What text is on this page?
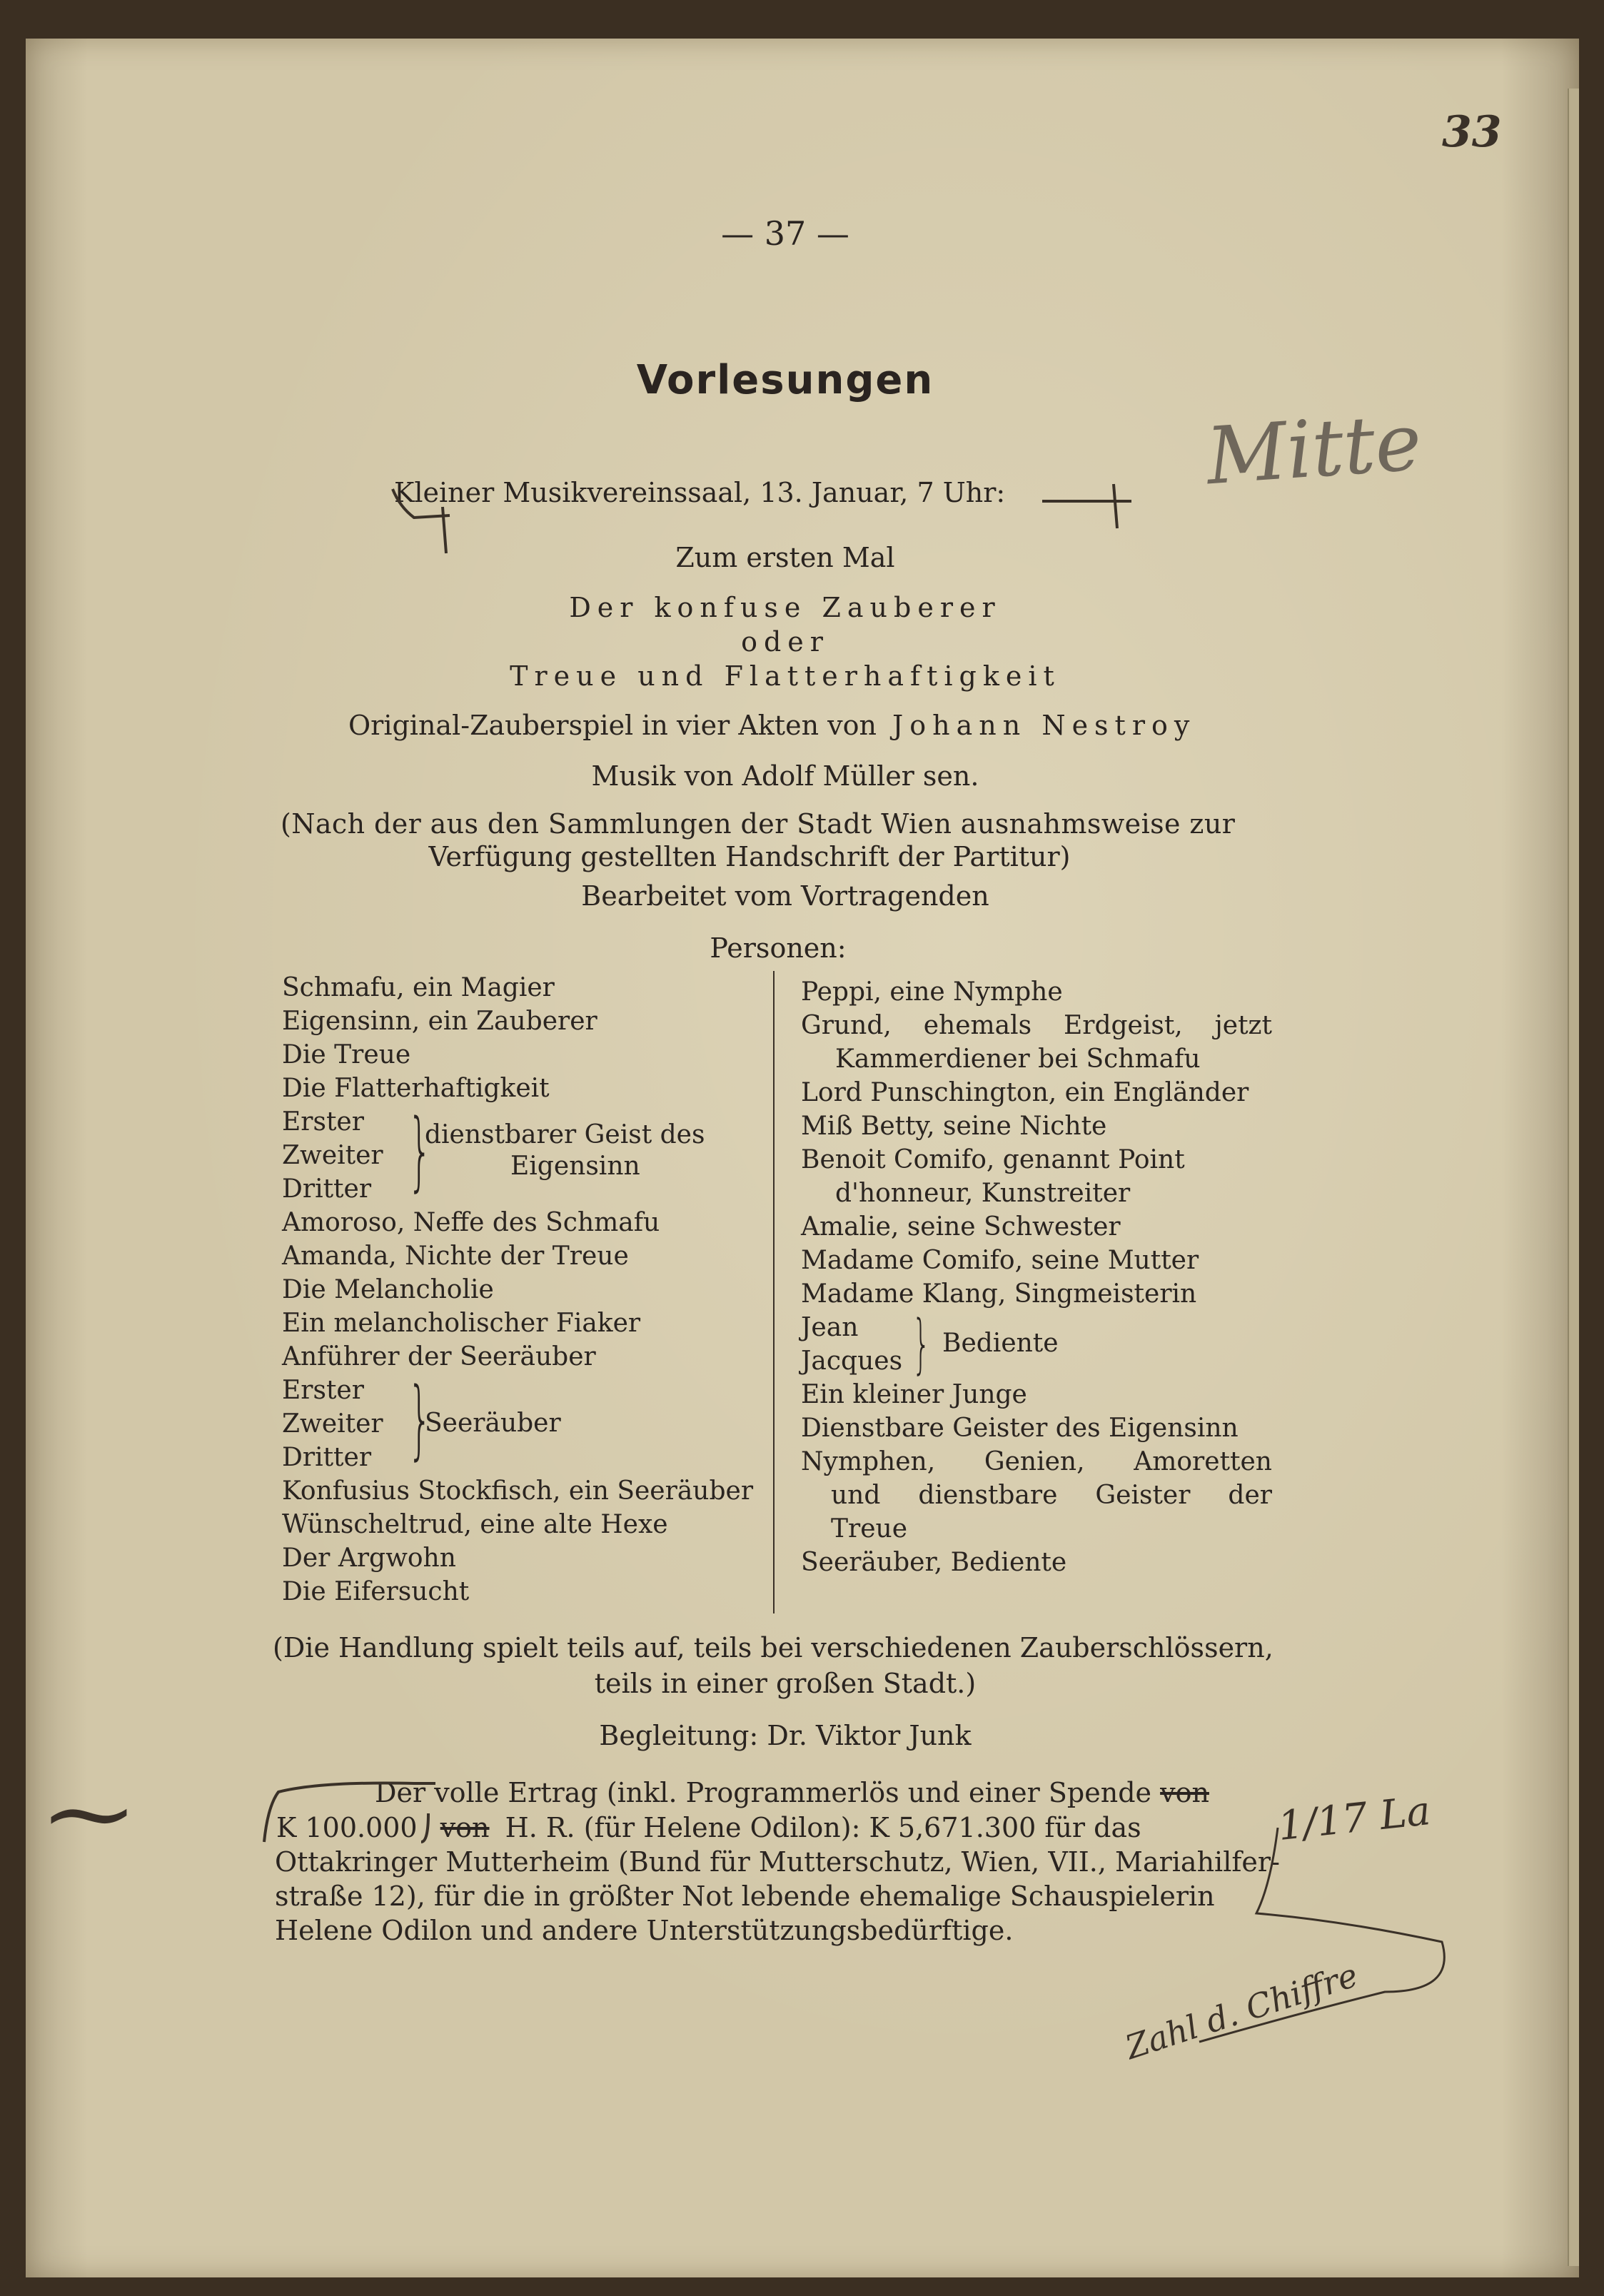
33
— 37 —
Vorlesungen
Kleiner Musikvereinssaal, 13. Januar, 7 Uhr:	Mitte
Zum ersten Mal
Der konfuse Zauberer
oder
Treue und Flatterhaftigkeit
Original-Zauberspiel in vier Akten von Johann Nestroy
Musik von Adolf Müller sen.
(Nach der aus den Sammlungen der Stadt Wien ausnahmsweise zur
Verfügung gestellten Handschrift der Partitur)
Bearbeitet vom Vortragenden
Personen:
Schmafu, ein Magier
Eigensinn, ein Zauberer
Die Treue
Die Flatterhaftigkeit
Erster
Zweiter
Dritter }
dienstbarer Geist des
Eigensinn
Amoroso, Neffe des Schmafu
Amanda, Nichte der Treue
Die Melancholie
Ein melancholischer Fiaker
Anführer der Seeräuber
Erster
Zweiter
Dritter }
Seeräuber
Konfusius Stockfisch, ein Seeräuber
Wünscheltrud, eine alte Hexe
Der Argwohn
Die Eifersucht
Peppi, eine Nymphe
Grund, ehemals Erdgeist, jetzt
Kammerdiener bei Schmafu
Lord Punschington, ein Engländer
Miß Betty, seine Nichte
Benoit Comifo, genannt Point
d'honneur, Kunstreiter
Amalie, seine Schwester
Madame Comifo, seine Mutter
Madame Klang, Singmeisterin
Jean
Jacques } Bediente
Ein kleiner Junge
Dienstbare Geister des Eigensinn
Nymphen, Genien, Amoretten
und dienstbare Geister der
Treue
Seeräuber, Bediente
(Die Handlung spielt teils auf, teils bei verschiedenen Zauberschlössern,
teils in einer großen Stadt.)
Begleitung: Dr. Viktor Junk
Der volle Ertrag (inkl. Programmerlös und einer Spende von
K 100.000 von H. R. (für Helene Odilon): K 5,671.300 für das
Ottakringer Mutterheim (Bund für Mutterschutz, Wien, VII., Mariahilfer-
straße 12), für die in größter Not lebende ehemalige Schauspielerin
Helene Odilon und andere Unterstützungsbedürftige.
~	1/17 La
Zahl d. Chiffre
